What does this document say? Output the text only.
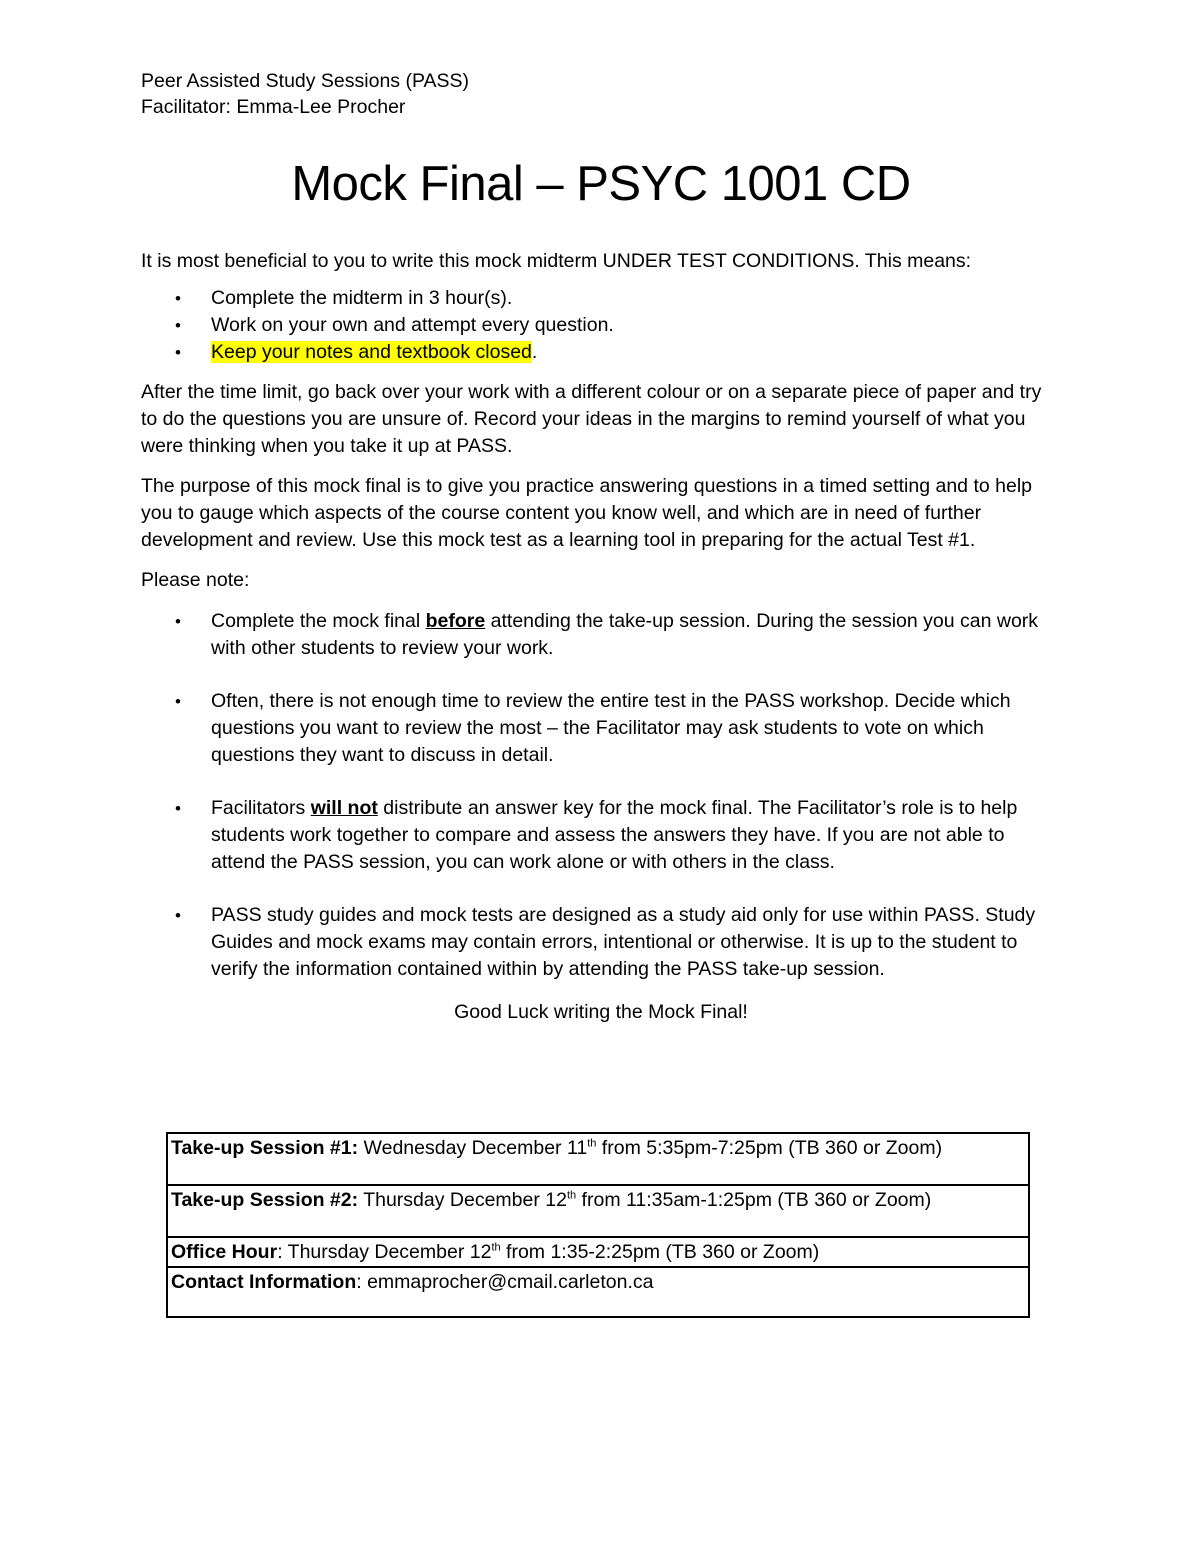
Peer Assisted Study Sessions (PASS)

Facilitator: Emma-Lee Procher

Mock Final – PSYC 1001 CD

It is most beneficial to you to write this mock midterm UNDER TEST CONDITIONS. This means:

• Complete the midterm in 3 hour(s).
• Work on your own and attempt every question.
• Keep your notes and textbook closed.

After the time limit, go back over your work with a different colour or on a separate piece of paper and try to do the questions you are unsure of. Record your ideas in the margins to remind yourself of what you were thinking when you take it up at PASS.

The purpose of this mock final is to give you practice answering questions in a timed setting and to help you to gauge which aspects of the course content you know well, and which are in need of further development and review. Use this mock test as a learning tool in preparing for the actual Test #1.

Please note:

• Complete the mock final before attending the take-up session. During the session you can work with other students to review your work.
• Often, there is not enough time to review the entire test in the PASS workshop. Decide which questions you want to review the most – the Facilitator may ask students to vote on which questions they want to discuss in detail.
• Facilitators will not distribute an answer key for the mock final. The Facilitator’s role is to help students work together to compare and assess the answers they have. If you are not able to attend the PASS session, you can work alone or with others in the class.
• PASS study guides and mock tests are designed as a study aid only for use within PASS. Study Guides and mock exams may contain errors, intentional or otherwise. It is up to the student to verify the information contained within by attending the PASS take-up session.

Good Luck writing the Mock Final!

Take-up Session #1: Wednesday December 11th from 5:35pm-7:25pm (TB 360 or Zoom)
Take-up Session #2: Thursday December 12th from 11:35am-1:25pm (TB 360 or Zoom)
Office Hour: Thursday December 12th from 1:35-2:25pm (TB 360 or Zoom)
Contact Information: emmaprocher@cmail.carleton.ca
